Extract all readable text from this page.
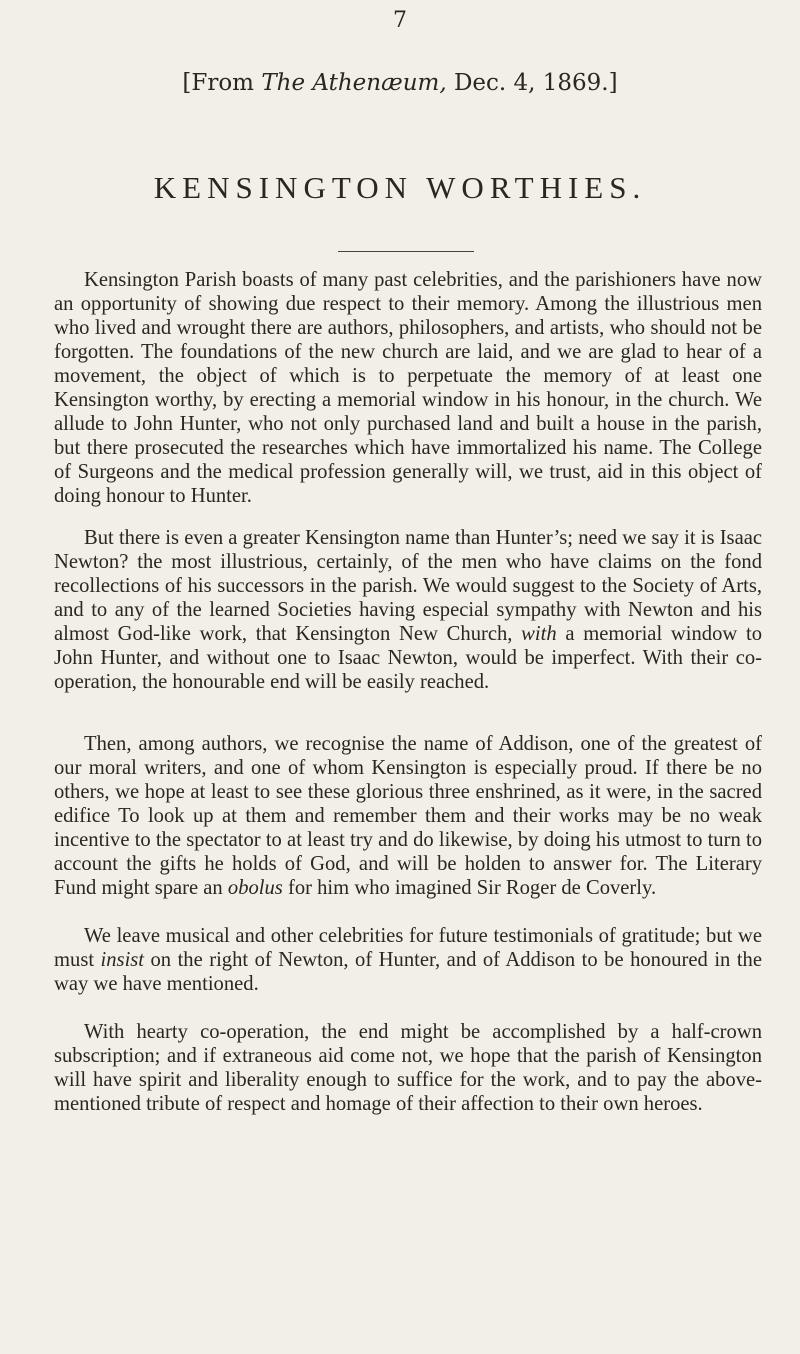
7
[From The Athenæum, Dec. 4, 1869.]
KENSINGTON WORTHIES.

Kensington Parish boasts of many past celebrities, and the parishioners have now an opportunity of showing due respect to their memory. Among the illustrious men who lived and wrought there are authors, philosophers, and artists, who should not be forgotten. The foundations of the new church are laid, and we are glad to hear of a movement, the object of which is to perpetuate the memory of at least one Kensington worthy, by erecting a memorial window in his honour, in the church. We allude to John Hunter, who not only purchased land and built a house in the parish, but there prosecuted the researches which have immortalized his name. The College of Surgeons and the medical profession generally will, we trust, aid in this object of doing honour to Hunter.

But there is even a greater Kensington name than Hunter’s; need we say it is Isaac Newton? the most illustrious, certainly, of the men who have claims on the fond recollections of his successors in the parish. We would suggest to the Society of Arts, and to any of the learned Societies having especial sympathy with Newton and his almost God-like work, that Kensington New Church, with a memorial window to John Hunter, and without one to Isaac Newton, would be imperfect. With their co-operation, the honourable end will be easily reached.

Then, among authors, we recognise the name of Addison, one of the greatest of our moral writers, and one of whom Kensington is especially proud. If there be no others, we hope at least to see these glorious three enshrined, as it were, in the sacred edifice To look up at them and remember them and their works may be no weak incentive to the spectator to at least try and do likewise, by doing his utmost to turn to account the gifts he holds of God, and will be holden to answer for. The Literary Fund might spare an obolus for him who imagined Sir Roger de Coverly.

We leave musical and other celebrities for future testimonials of gratitude; but we must insist on the right of Newton, of Hunter, and of Addison to be honoured in the way we have mentioned.

With hearty co-operation, the end might be accomplished by a half-crown subscription; and if extraneous aid come not, we hope that the parish of Kensington will have spirit and liberality enough to suffice for the work, and to pay the above-mentioned tribute of respect and homage of their affection to their own heroes.
